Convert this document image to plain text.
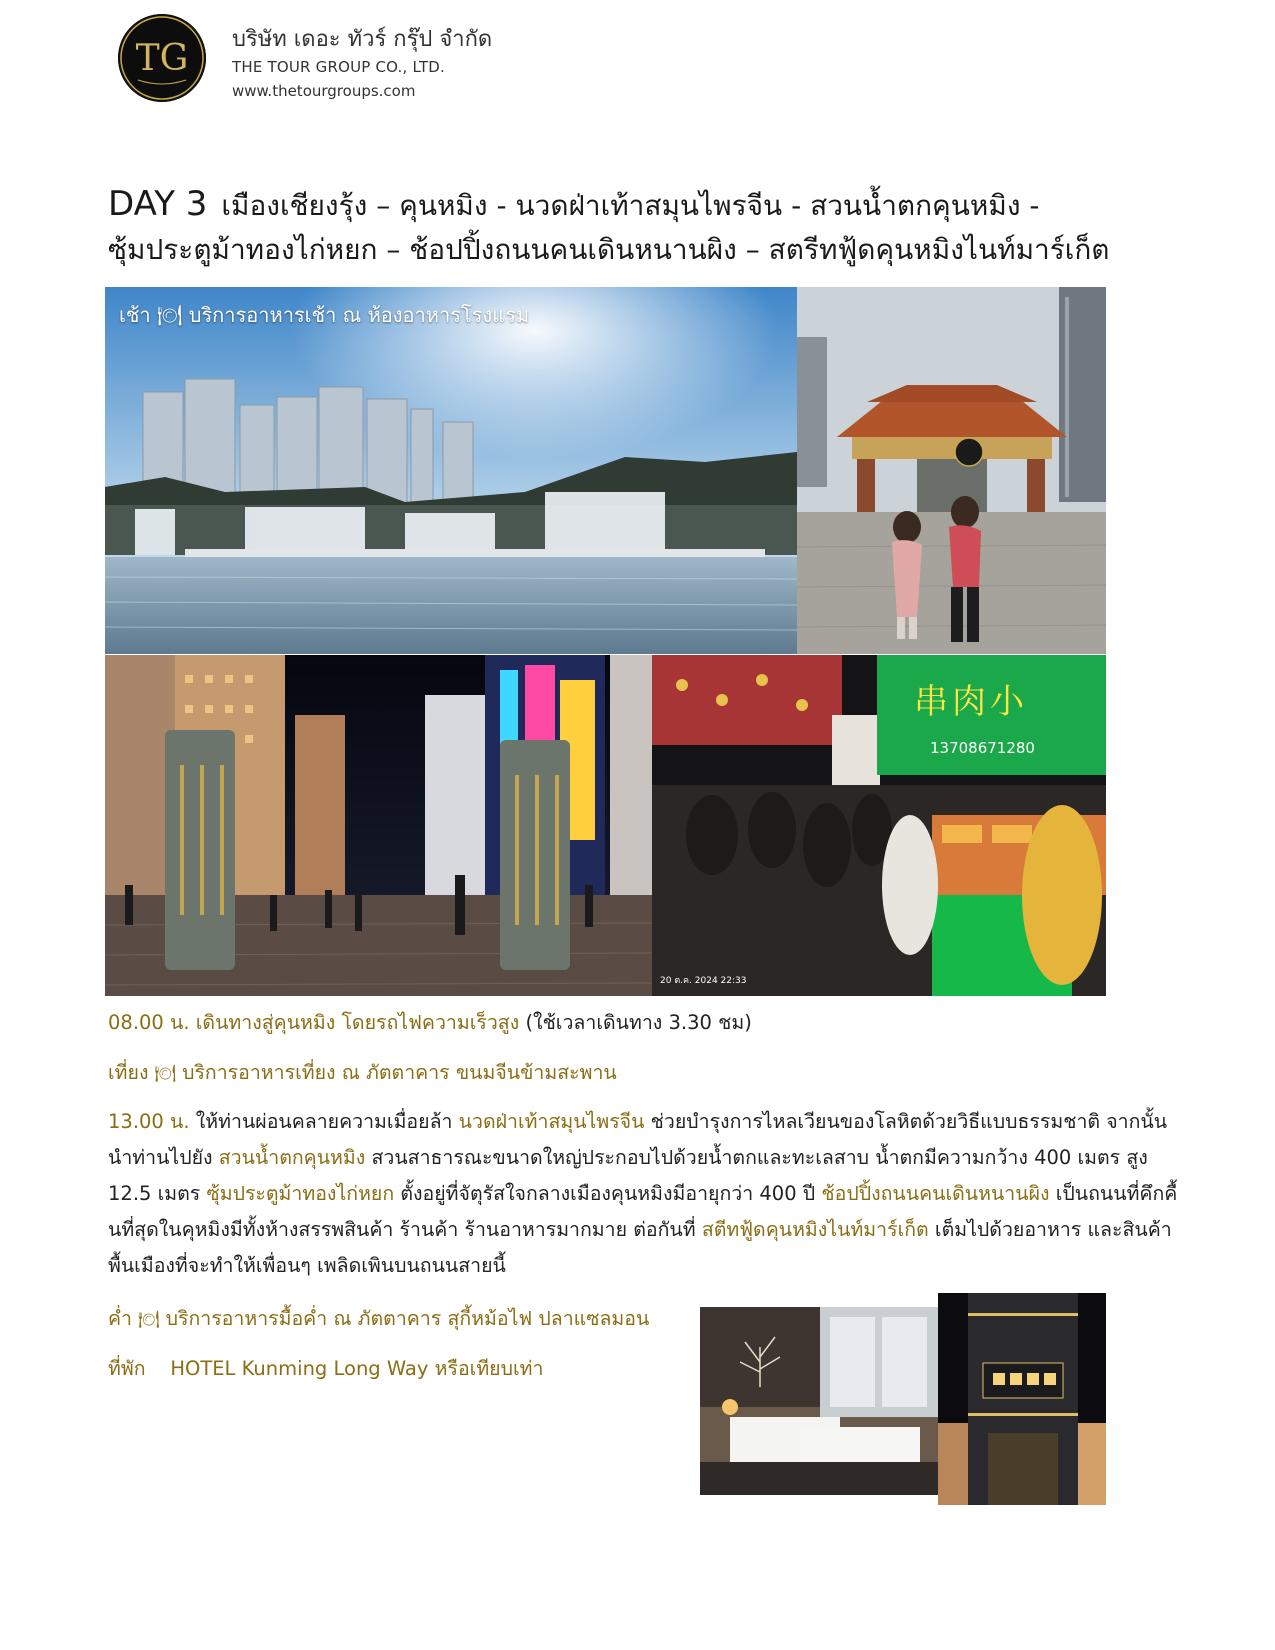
TG บริษัท เดอะ ทัวร์ กรุ๊ป จำกัด
THE TOUR GROUP CO., LTD.
www.thetourgroups.com
DAY 3 เมืองเชียงรุ้ง – คุนหมิง - นวดฝ่าเท้าสมุนไพรจีน - สวนน้ำตกคุนหมิง -
ซุ้มประตูม้าทองไก่หยก – ช้อปปิ้งถนนคนเดินหนานผิง – สตรีทฟู้ดคุนหมิงไนท์มาร์เก็ต
เช้า 🍽 บริการอาหารเช้า ณ ห้องอาหารโรงแรม
串 肉 小
13708671280
20 ต.ค. 2024 22:33
08.00 น. เดินทางสู่คุนหมิง โดยรถไฟความเร็วสูง (ใช้เวลาเดินทาง 3.30 ชม)
เที่ยง 🍽 บริการอาหารเที่ยง ณ ภัตตาคาร ขนมจีนข้ามสะพาน
13.00 น. ให้ท่านผ่อนคลายความเมื่อยล้า นวดฝ่าเท้าสมุนไพรจีน ช่วยบำรุงการไหลเวียนของโลหิตด้วยวิธีแบบธรรมชาติ จากนั้นนำท่านไปยัง สวนน้ำตกคุนหมิง สวนสาธารณะขนาดใหญ่ประกอบไปด้วยน้ำตกและทะเลสาบ น้ำตกมีความกว้าง 400 เมตร สูง 12.5 เมตร ซุ้มประตูม้าทองไก่หยก ตั้งอยู่ที่จัตุรัสใจกลางเมืองคุนหมิงมีอายุกว่า 400 ปี ช้อปปิ้งถนนคนเดินหนานผิง เป็นถนนที่คึกคื้นที่สุดในคุหมิงมีทั้งห้างสรรพสินค้า ร้านค้า ร้านอาหารมากมาย ต่อกันที่ สตีทฟู้ดคุนหมิงไนท์มาร์เก็ต เต็มไปด้วยอาหาร และสินค้าพื้นเมืองที่จะทำให้เพื่อนๆ เพลิดเพินบนถนนสายนี้
ค่ำ 🍽 บริการอาหารมื้อค่ำ ณ ภัตตาคาร สุกี้หม้อไฟ ปลาแซลมอน
ที่พัก HOTEL Kunming Long Way หรือเทียบเท่า
